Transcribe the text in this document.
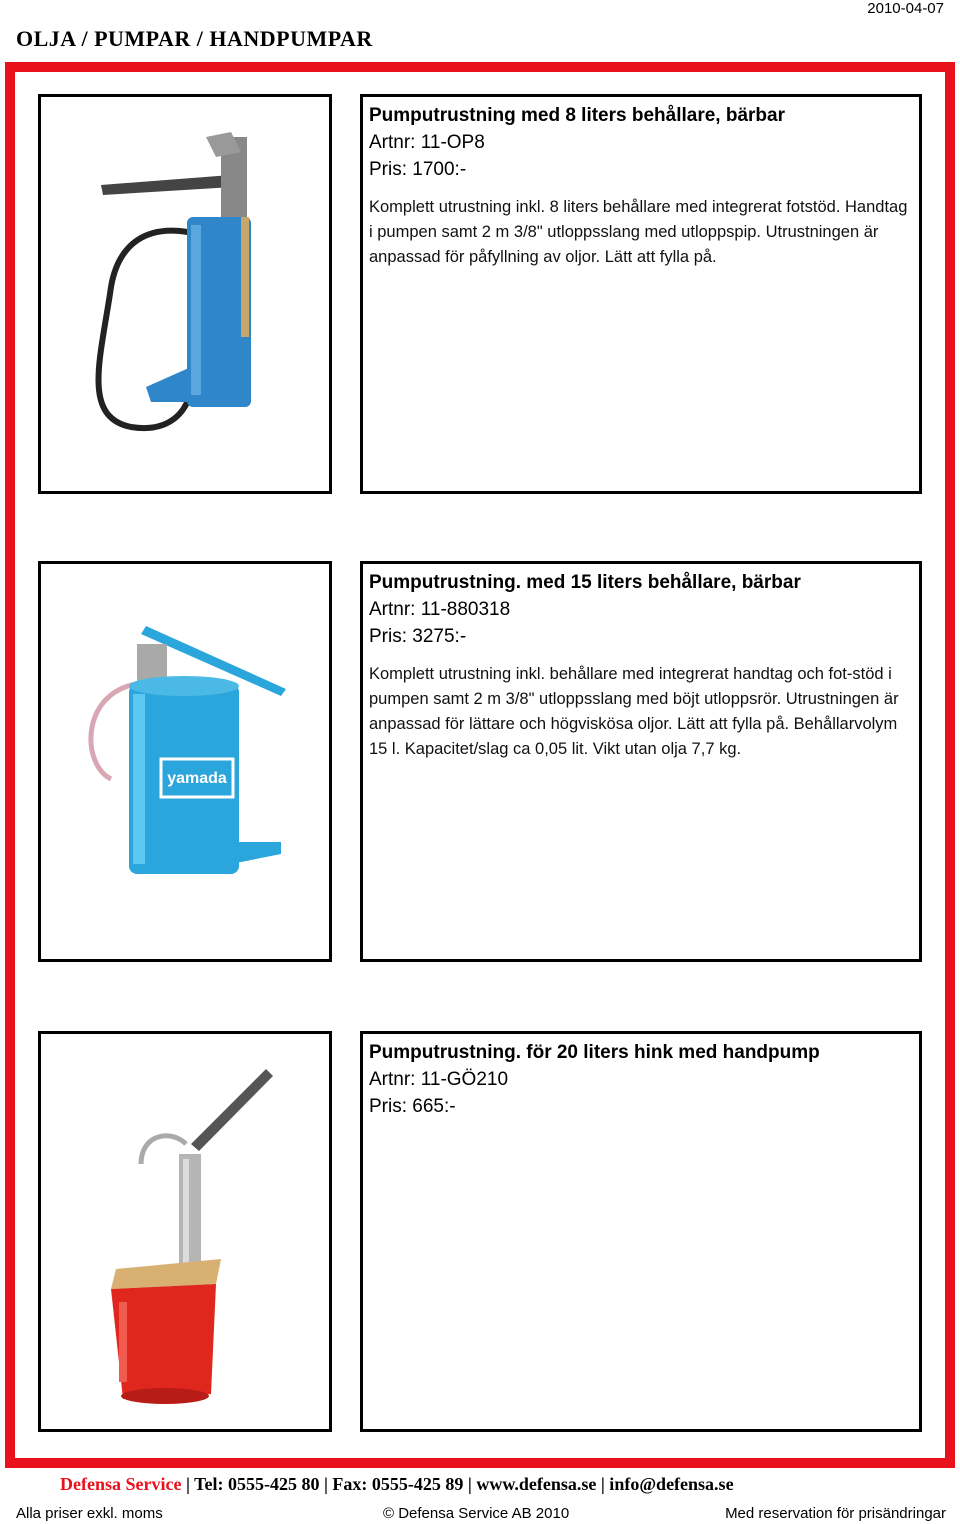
2010-04-07
OLJA / PUMPAR / HANDPUMPAR
Pumputrustning med 8 liters behållare, bärbar
Artnr: 11-OP8
Pris: 1700:-
Komplett utrustning inkl. 8 liters behållare med integrerat fotstöd. Handtag i pumpen samt 2 m 3/8" utloppsslang med utloppspip. Utrustningen är anpassad för påfyllning av oljor. Lätt att fylla på.
yamada
Pumputrustning. med 15 liters behållare, bärbar
Artnr: 11-880318
Pris: 3275:-
Komplett utrustning inkl. behållare med integrerat handtag och fot-stöd i pumpen samt 2 m 3/8" utloppsslang med böjt utloppsrör. Utrustningen är anpassad för lättare och högviskösa oljor. Lätt att fylla på. Behållarvolym 15 l. Kapacitet/slag ca 0,05 lit. Vikt utan olja 7,7 kg.
Pumputrustning. för 20 liters hink med handpump
Artnr: 11-GÖ210
Pris: 665:-
Defensa Service | Tel: 0555-425 80 | Fax: 0555-425 89 | www.defensa.se | info@defensa.se
Alla priser exkl. moms	© Defensa Service AB 2010	Med reservation för prisändringar
